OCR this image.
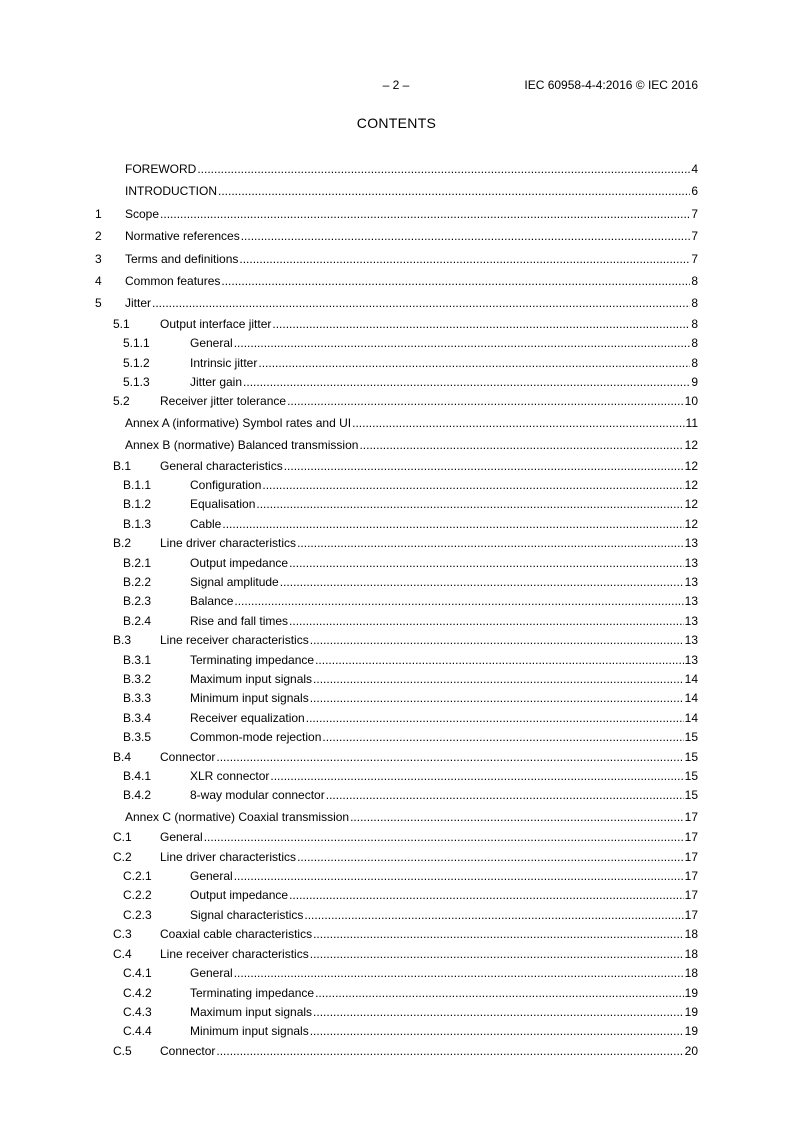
– 2 –	IEC 60958-4-4:2016 © IEC 2016
CONTENTS
FOREWORD .....	4
INTRODUCTION .....	6
1	Scope .....	7
2	Normative references .....	7
3	Terms and definitions .....	7
4	Common features .....	8
5	Jitter .....	8
5.1	Output interface jitter .....	8
5.1.1	General .....	8
5.1.2	Intrinsic jitter .....	8
5.1.3	Jitter gain .....	9
5.2	Receiver jitter tolerance .....	10
Annex A (informative) Symbol rates and UI .....	11
Annex B (normative) Balanced transmission .....	12
B.1	General characteristics .....	12
B.1.1	Configuration .....	12
B.1.2	Equalisation .....	12
B.1.3	Cable .....	12
B.2	Line driver characteristics .....	13
B.2.1	Output impedance .....	13
B.2.2	Signal amplitude .....	13
B.2.3	Balance .....	13
B.2.4	Rise and fall times .....	13
B.3	Line receiver characteristics .....	13
B.3.1	Terminating impedance .....	13
B.3.2	Maximum input signals .....	14
B.3.3	Minimum input signals .....	14
B.3.4	Receiver equalization .....	14
B.3.5	Common-mode rejection .....	15
B.4	Connector .....	15
B.4.1	XLR connector .....	15
B.4.2	8-way modular connector .....	15
Annex C (normative) Coaxial transmission .....	17
C.1	General .....	17
C.2	Line driver characteristics .....	17
C.2.1	General .....	17
C.2.2	Output impedance .....	17
C.2.3	Signal characteristics .....	17
C.3	Coaxial cable characteristics .....	18
C.4	Line receiver characteristics .....	18
C.4.1	General .....	18
C.4.2	Terminating impedance .....	19
C.4.3	Maximum input signals .....	19
C.4.4	Minimum input signals .....	19
C.5	Connector .....	20
